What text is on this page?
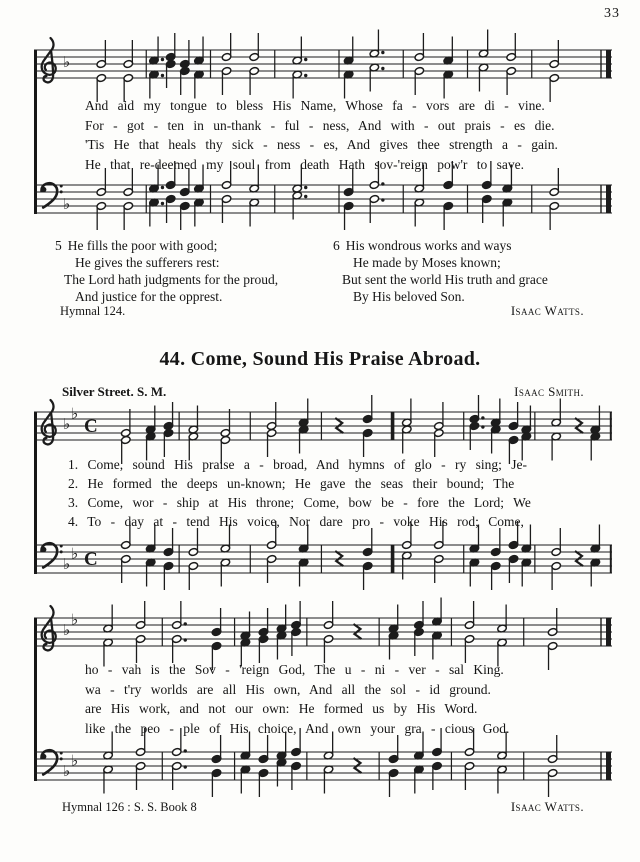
33
♭
And aid my tongue to bless His Name, Whose fa - vors are di - vine.
For - got - ten in un-thank - ful - ness, And with - out prais - es die.
'Tis He that heals thy sick - ness - es, And gives thee strength a - gain.
He that re-deemed my soul from death Hath sov-'reign pow'r to save.
♭
5 He fills the poor with good;
He gives the sufferers rest:
The Lord hath judgments for the proud,
And justice for the opprest.
6 His wondrous works and ways
He made by Moses known;
But sent the world His truth and grace
By His beloved Son.
Hymnal 124.	Isaac Watts.
44. Come, Sound His Praise Abroad.
Silver Street. S. M.	Isaac Smith.
♭
♭
C
1. Come, sound His praise a - broad, And hymns of glo - ry sing; Je-
2. He formed the deeps un-known; He gave the seas their bound; The
3. Come, wor - ship at His throne; Come, bow be - fore the Lord; We
4. To - day at - tend His voice, Nor dare pro - voke His rod; Come,
♭
♭ C
♭
♭
ho - vah is the Sov - 'reign God, The u - ni - ver - sal King.
wa - t'ry worlds are all His own, And all the sol - id ground.
are His work, and not our own: He formed us by His Word.
like the peo - ple of His choice, And own your gra - cious God.
♭
♭
Hymnal 126 : S. S. Book 8	Isaac Watts.
